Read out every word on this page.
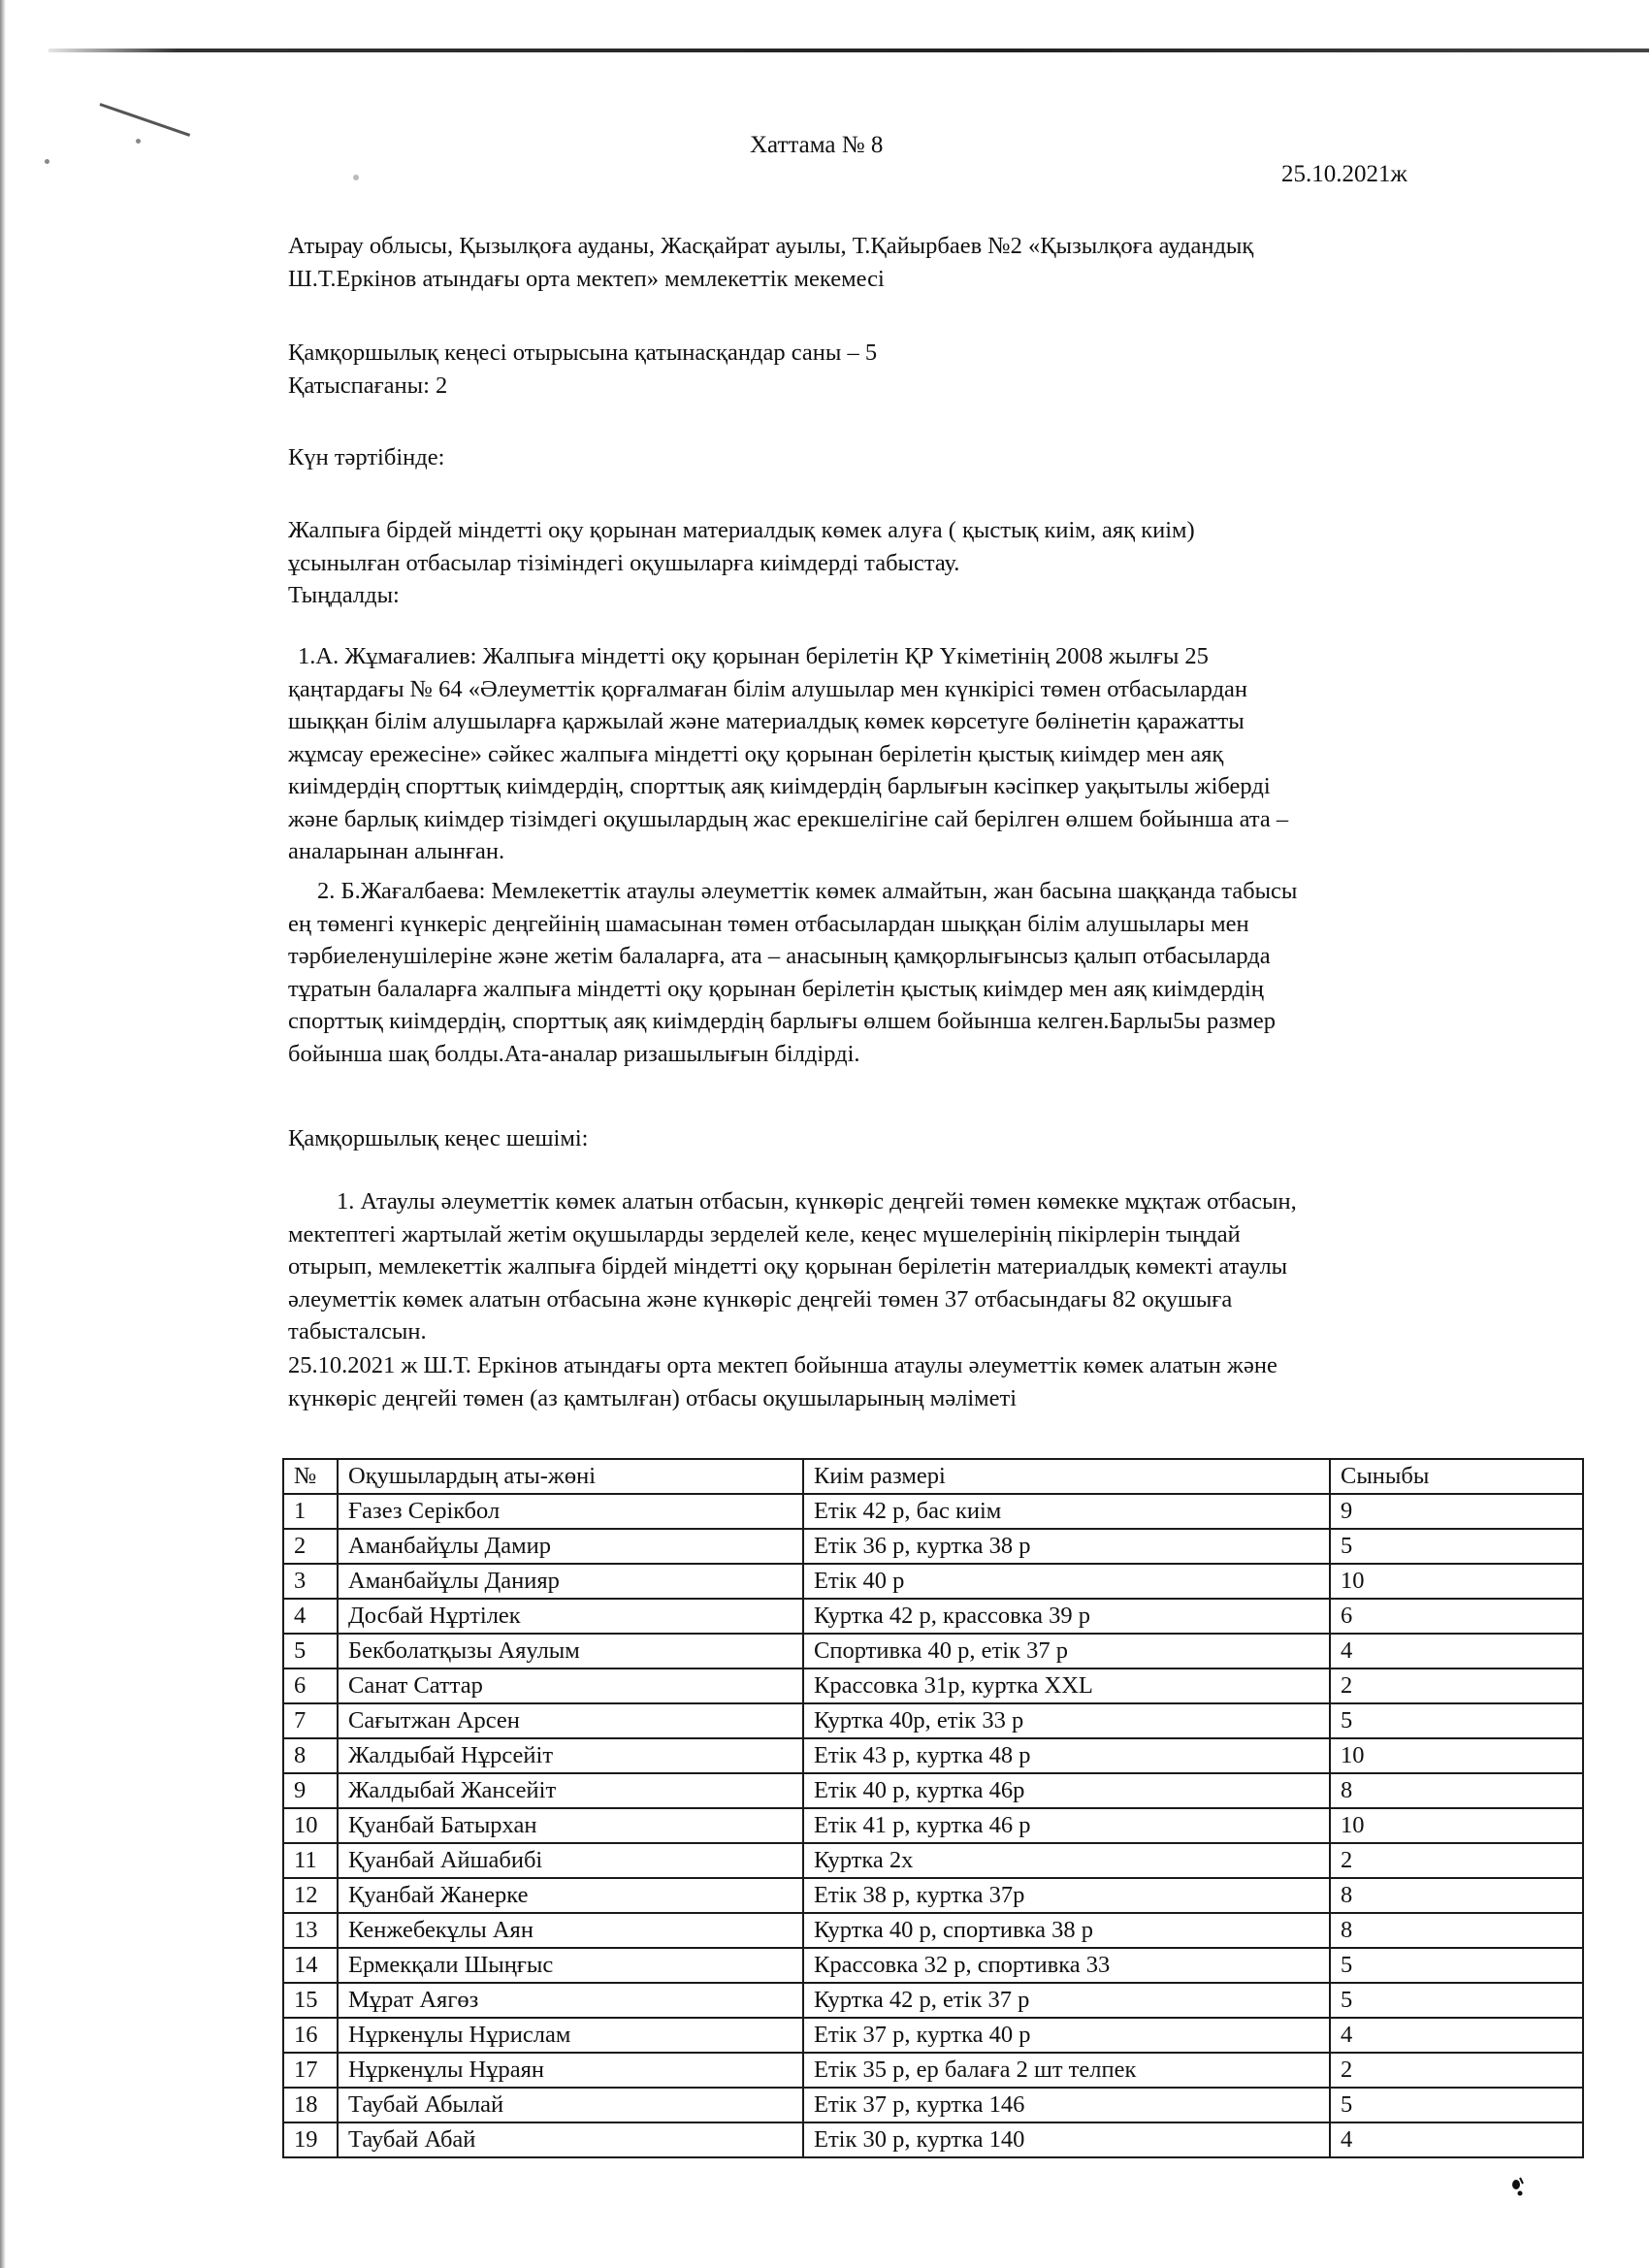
Хаттама № 8
25.10.2021ж
Атырау облысы, Қызылқоға ауданы, Жасқайрат ауылы, Т.Қайырбаев №2 «Қызылқоға аудандық
Ш.Т.Еркінов атындағы орта мектеп» мемлекеттік мекемесі
Қамқоршылық кеңесі отырысына қатынасқандар саны – 5
Қатыспағаны: 2
Күн тәртібінде:
Жалпыға бірдей міндетті оқу қорынан материалдық көмек алуға ( қыстық киім, аяқ киім)
ұсынылған отбасылар тізіміндегі оқушыларға киімдерді табыстау.
Тыңдалды:
1.А. Жұмағалиев: Жалпыға міндетті оқу қорынан берілетін ҚР Үкіметінің 2008 жылғы 25
қаңтардағы № 64 «Әлеуметтік қорғалмаған білім алушылар мен күнкірісі төмен отбасылардан
шыққан білім алушыларға қаржылай және материалдық көмек көрсетуге бөлінетін қаражатты
жұмсау ережесіне» сәйкес жалпыға міндетті оқу қорынан берілетін қыстық киімдер мен аяқ
киімдердің спорттық киімдердің, спорттық аяқ киімдердің барлығын кәсіпкер уақытылы жіберді
және барлық киімдер тізімдегі оқушылардың жас ерекшелігіне сай берілген өлшем бойынша ата –
аналарынан алынған.
2. Б.Жағалбаева: Мемлекеттік атаулы әлеуметтік көмек алмайтын, жан басына шаққанда табысы
ең төменгі күнкеріс деңгейінің шамасынан төмен отбасылардан шыққан білім алушылары мен
тәрбиеленушілеріне және жетім балаларға, ата – анасының қамқорлығынсыз қалып отбасыларда
тұратын балаларға жалпыға міндетті оқу қорынан берілетін қыстық киімдер мен аяқ киімдердің
спорттық киімдердің, спорттық аяқ киімдердің барлығы өлшем бойынша келген.Барлы5ы размер
бойынша шақ болды.Ата-аналар ризашылығын білдірді.
Қамқоршылық кеңес шешімі:
1. Атаулы әлеуметтік көмек алатын отбасын, күнкөріс деңгейі төмен көмекке мұқтаж отбасын,
мектептегі жартылай жетім оқушыларды зерделей келе, кеңес мүшелерінің пікірлерін тыңдай
отырып, мемлекеттік жалпыға бірдей міндетті оқу қорынан берілетін материалдық көмекті атаулы
әлеуметтік көмек алатын отбасына және күнкөріс деңгейі төмен 37 отбасындағы 82 оқушыға
табысталсын.
25.10.2021 ж Ш.Т. Еркінов атындағы орта мектеп бойынша атаулы әлеуметтік көмек алатын және
күнкөріс деңгейі төмен (аз қамтылған) отбасы оқушыларының мәліметі
№	Оқушылардың аты-жөні	Киім размері	Сыныбы
1	Ғазез Серікбол	Етік 42 р, бас киім	9
2	Аманбайұлы Дамир	Етік 36 р, куртка 38 р	5
3	Аманбайұлы Данияр	Етік 40 р	10
4	Досбай Нұртілек	Куртка 42 р, крассовка 39 р	6
5	Бекболатқызы Аяулым	Спортивка 40 р, етік 37 р	4
6	Санат Саттар	Крассовка 31р, куртка XXL	2
7	Сағытжан Арсен	Куртка 40р, етік 33 р	5
8	Жалдыбай Нұрсейіт	Етік 43 р, куртка 48 р	10
9	Жалдыбай Жансейіт	Етік 40 р, куртка 46р	8
10	Қуанбай Батырхан	Етік 41 р, куртка 46 р	10
11	Қуанбай Айшабибі	Куртка 2х	2
12	Қуанбай Жанерке	Етік 38 р, куртка 37р	8
13	Кенжебекұлы Аян	Куртка 40 р, спортивка 38 р	8
14	Ермекқали Шыңғыс	Крассовка 32 р, спортивка 33	5
15	Мұрат Аягөз	Куртка 42 р, етік 37 р	5
16	Нұркенұлы Нұрислам	Етік 37 р, куртка 40 р	4
17	Нұркенұлы Нұраян	Етік 35 р, ер балаға 2 шт телпек	2
18	Таубай Абылай	Етік 37 р, куртка 146	5
19	Таубай Абай	Етік 30 р, куртка 140	4
